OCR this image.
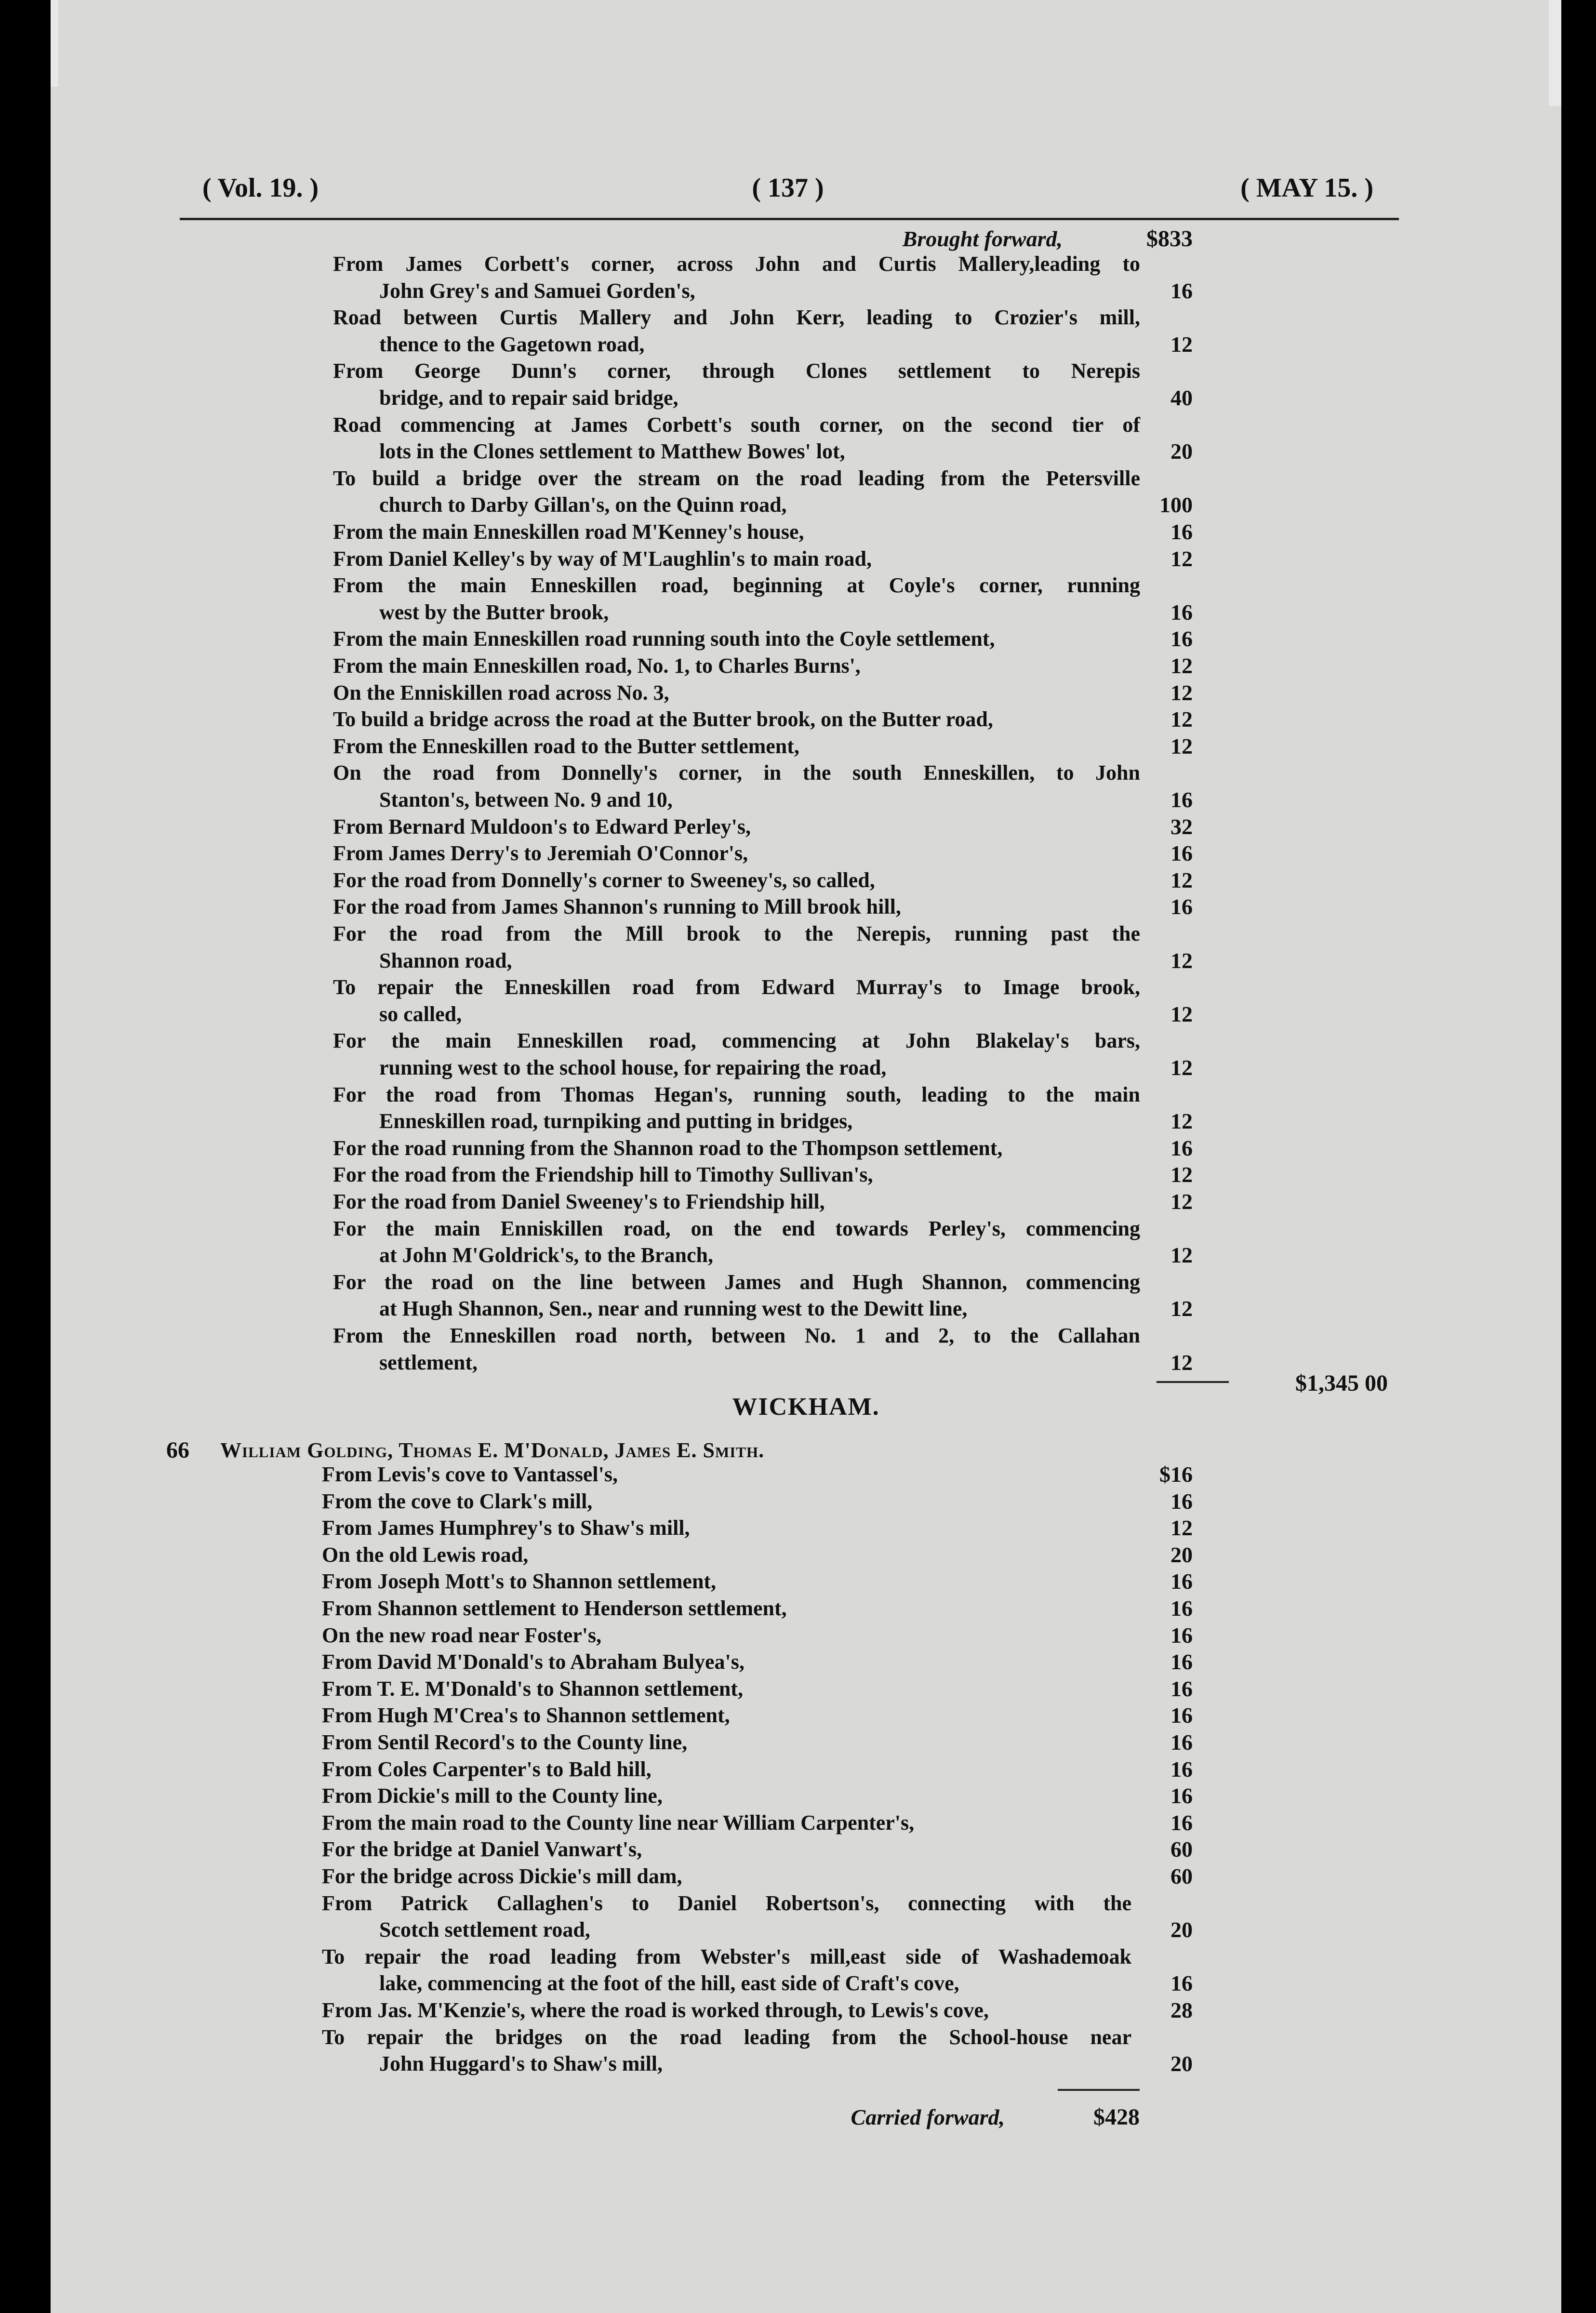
( Vol. 19. )	( 137 )	( MAY 15. )
Brought forward,	$833
From James Corbett's corner, across John and Curtis Mallery,leading to
John Grey's and Samuei Gorden's,	16
Road between Curtis Mallery and John Kerr, leading to Crozier's mill,
thence to the Gagetown road,	12
From George Dunn's corner, through Clones settlement to Nerepis
bridge, and to repair said bridge,	40
Road commencing at James Corbett's south corner, on the second tier of
lots in the Clones settlement to Matthew Bowes' lot,	20
To build a bridge over the stream on the road leading from the Petersville
church to Darby Gillan's, on the Quinn road,	100
From the main Enneskillen road M'Kenney's house,	16
From Daniel Kelley's by way of M'Laughlin's to main road,	12
From the main Enneskillen road, beginning at Coyle's corner, running
west by the Butter brook,	16
From the main Enneskillen road running south into the Coyle settlement,	16
From the main Enneskillen road, No. 1, to Charles Burns',	12
On the Enniskillen road across No. 3,	12
To build a bridge across the road at the Butter brook, on the Butter road,	12
From the Enneskillen road to the Butter settlement,	12
On the road from Donnelly's corner, in the south Enneskillen, to John
Stanton's, between No. 9 and 10,	16
From Bernard Muldoon's to Edward Perley's,	32
From James Derry's to Jeremiah O'Connor's,	16
For the road from Donnelly's corner to Sweeney's, so called,	12
For the road from James Shannon's running to Mill brook hill,	16
For the road from the Mill brook to the Nerepis, running past the
Shannon road,	12
To repair the Enneskillen road from Edward Murray's to Image brook,
so called,	12
For the main Enneskillen road, commencing at John Blakelay's bars,
running west to the school house, for repairing the road,	12
For the road from Thomas Hegan's, running south, leading to the main
Enneskillen road, turnpiking and putting in bridges,	12
For the road running from the Shannon road to the Thompson settlement,	16
For the road from the Friendship hill to Timothy Sullivan's,	12
For the road from Daniel Sweeney's to Friendship hill,	12
For the main Enniskillen road, on the end towards Perley's, commencing
at John M'Goldrick's, to the Branch,	12
For the road on the line between James and Hugh Shannon, commencing
at Hugh Shannon, Sen., near and running west to the Dewitt line,	12
From the Enneskillen road north, between No. 1 and 2, to the Callahan
settlement,	12
$1,345 00
WICKHAM.
66 William Golding, Thomas E. M'Donald, James E. Smith.
From Levis's cove to Vantassel's,	$16
From the cove to Clark's mill,	16
From James Humphrey's to Shaw's mill,	12
On the old Lewis road,	20
From Joseph Mott's to Shannon settlement,	16
From Shannon settlement to Henderson settlement,	16
On the new road near Foster's,	16
From David M'Donald's to Abraham Bulyea's,	16
From T. E. M'Donald's to Shannon settlement,	16
From Hugh M'Crea's to Shannon settlement,	16
From Sentil Record's to the County line,	16
From Coles Carpenter's to Bald hill,	16
From Dickie's mill to the County line,	16
From the main road to the County line near William Carpenter's,	16
For the bridge at Daniel Vanwart's,	60
For the bridge across Dickie's mill dam,	60
From Patrick Callaghen's to Daniel Robertson's, connecting with the
Scotch settlement road,	20
To repair the road leading from Webster's mill,east side of Washademoak
lake, commencing at the foot of the hill, east side of Craft's cove,	16
From Jas. M'Kenzie's, where the road is worked through, to Lewis's cove,	28
To repair the bridges on the road leading from the School-house near
John Huggard's to Shaw's mill,	20
Carried forward,	$428
